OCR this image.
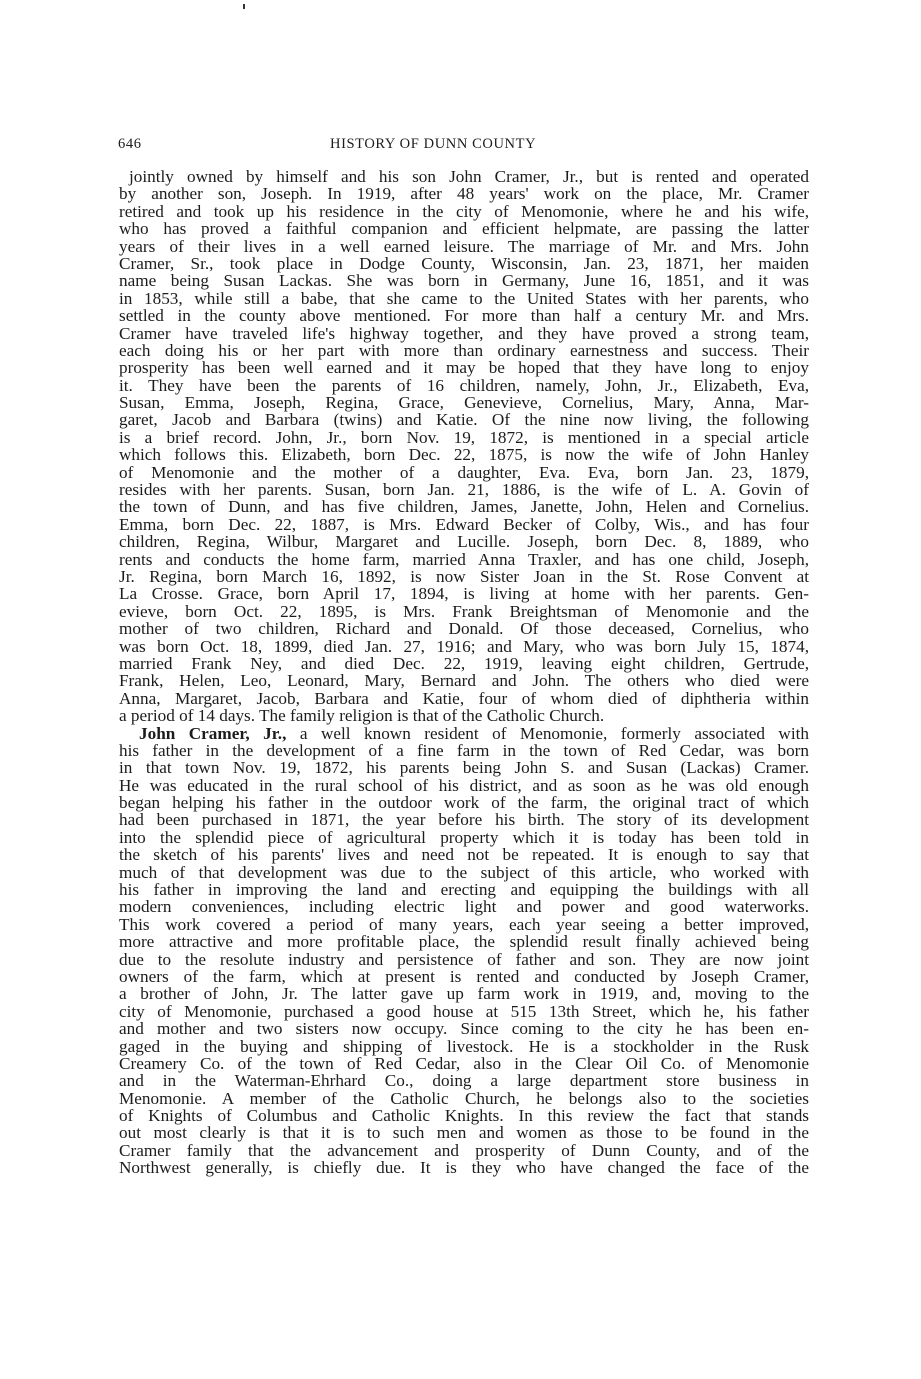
646	HISTORY OF DUNN COUNTY
jointly owned by himself and his son John Cramer, Jr., but is rented and operated
by another son, Joseph. In 1919, after 48 years' work on the place, Mr. Cramer
retired and took up his residence in the city of Menomonie, where he and his wife,
who has proved a faithful companion and efficient helpmate, are passing the latter
years of their lives in a well earned leisure. The marriage of Mr. and Mrs. John
Cramer, Sr., took place in Dodge County, Wisconsin, Jan. 23, 1871, her maiden
name being Susan Lackas. She was born in Germany, June 16, 1851, and it was
in 1853, while still a babe, that she came to the United States with her parents, who
settled in the county above mentioned. For more than half a century Mr. and Mrs.
Cramer have traveled life's highway together, and they have proved a strong team,
each doing his or her part with more than ordinary earnestness and success. Their
prosperity has been well earned and it may be hoped that they have long to enjoy
it. They have been the parents of 16 children, namely, John, Jr., Elizabeth, Eva,
Susan, Emma, Joseph, Regina, Grace, Genevieve, Cornelius, Mary, Anna, Mar-
garet, Jacob and Barbara (twins) and Katie. Of the nine now living, the following
is a brief record. John, Jr., born Nov. 19, 1872, is mentioned in a special article
which follows this. Elizabeth, born Dec. 22, 1875, is now the wife of John Hanley
of Menomonie and the mother of a daughter, Eva. Eva, born Jan. 23, 1879,
resides with her parents. Susan, born Jan. 21, 1886, is the wife of L. A. Govin of
the town of Dunn, and has five children, James, Janette, John, Helen and Cornelius.
Emma, born Dec. 22, 1887, is Mrs. Edward Becker of Colby, Wis., and has four
children, Regina, Wilbur, Margaret and Lucille. Joseph, born Dec. 8, 1889, who
rents and conducts the home farm, married Anna Traxler, and has one child, Joseph,
Jr. Regina, born March 16, 1892, is now Sister Joan in the St. Rose Convent at
La Crosse. Grace, born April 17, 1894, is living at home with her parents. Gen-
evieve, born Oct. 22, 1895, is Mrs. Frank Breightsman of Menomonie and the
mother of two children, Richard and Donald. Of those deceased, Cornelius, who
was born Oct. 18, 1899, died Jan. 27, 1916; and Mary, who was born July 15, 1874,
married Frank Ney, and died Dec. 22, 1919, leaving eight children, Gertrude,
Frank, Helen, Leo, Leonard, Mary, Bernard and John. The others who died were
Anna, Margaret, Jacob, Barbara and Katie, four of whom died of diphtheria within
a period of 14 days. The family religion is that of the Catholic Church.
John Cramer, Jr., a well known resident of Menomonie, formerly associated with
his father in the development of a fine farm in the town of Red Cedar, was born
in that town Nov. 19, 1872, his parents being John S. and Susan (Lackas) Cramer.
He was educated in the rural school of his district, and as soon as he was old enough
began helping his father in the outdoor work of the farm, the original tract of which
had been purchased in 1871, the year before his birth. The story of its development
into the splendid piece of agricultural property which it is today has been told in
the sketch of his parents' lives and need not be repeated. It is enough to say that
much of that development was due to the subject of this article, who worked with
his father in improving the land and erecting and equipping the buildings with all
modern conveniences, including electric light and power and good waterworks.
This work covered a period of many years, each year seeing a better improved,
more attractive and more profitable place, the splendid result finally achieved being
due to the resolute industry and persistence of father and son. They are now joint
owners of the farm, which at present is rented and conducted by Joseph Cramer,
a brother of John, Jr. The latter gave up farm work in 1919, and, moving to the
city of Menomonie, purchased a good house at 515 13th Street, which he, his father
and mother and two sisters now occupy. Since coming to the city he has been en-
gaged in the buying and shipping of livestock. He is a stockholder in the Rusk
Creamery Co. of the town of Red Cedar, also in the Clear Oil Co. of Menomonie
and in the Waterman-Ehrhard Co., doing a large department store business in
Menomonie. A member of the Catholic Church, he belongs also to the societies
of Knights of Columbus and Catholic Knights. In this review the fact that stands
out most clearly is that it is to such men and women as those to be found in the
Cramer family that the advancement and prosperity of Dunn County, and of the
Northwest generally, is chiefly due. It is they who have changed the face of the
